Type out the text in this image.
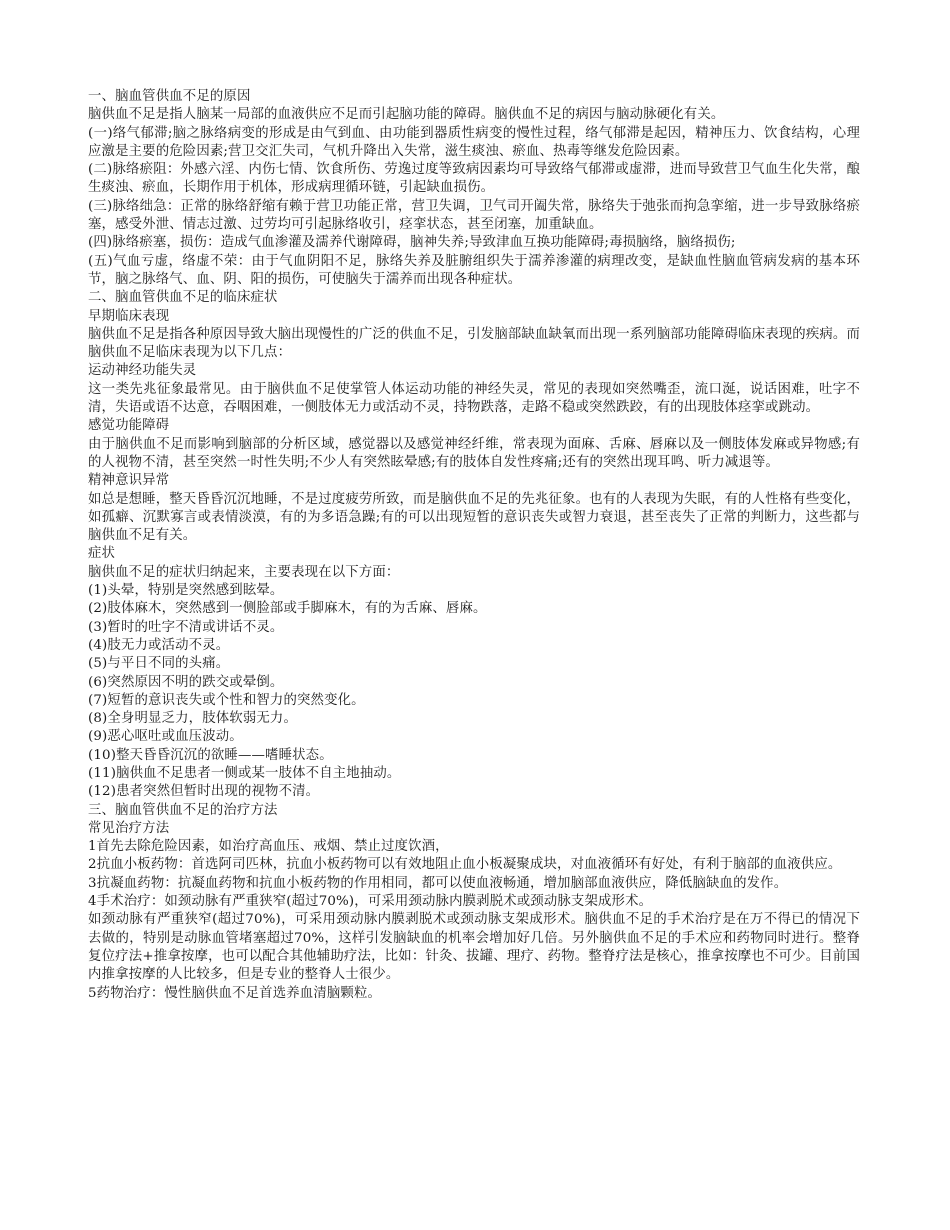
一、脑血管供血不足的原因

脑供血不足是指人脑某一局部的血液供应不足而引起脑功能的障碍。脑供血不足的病因与脑动脉硬化有关。

(一)络气郁滞;脑之脉络病变的形成是由气到血、由功能到器质性病变的慢性过程，络气郁滞是起因，精神压力、饮食结构，心理应激是主要的危险因素;营卫交汇失司，气机升降出入失常，滋生痰浊、瘀血、热毒等继发危险因素。

(二)脉络瘀阻：外感六淫、内伤七情、饮食所伤、劳逸过度等致病因素均可导致络气郁滞或虚滞，进而导致营卫气血生化失常，酿生痰浊、瘀血，长期作用于机体，形成病理循环链，引起缺血损伤。

(三)脉络绌急：正常的脉络舒缩有赖于营卫功能正常，营卫失调，卫气司开阖失常，脉络失于弛张而拘急挛缩，进一步导致脉络瘀塞，感受外泄、情志过激、过劳均可引起脉络收引，痉挛状态，甚至闭塞，加重缺血。

(四)脉络瘀塞，损伤：造成气血渗灌及濡养代谢障碍，脑神失养;导致津血互换功能障碍;毒损脑络，脑络损伤;

(五)气血亏虚，络虚不荣：由于气血阴阳不足，脉络失养及脏腑组织失于濡养渗灌的病理改变，是缺血性脑血管病发病的基本环节，脑之脉络气、血、阴、阳的损伤，可使脑失于濡养而出现各种症状。

二、脑血管供血不足的临床症状

早期临床表现

脑供血不足是指各种原因导致大脑出现慢性的广泛的供血不足，引发脑部缺血缺氧而出现一系列脑部功能障碍临床表现的疾病。而脑供血不足临床表现为以下几点：

运动神经功能失灵

这一类先兆征象最常见。由于脑供血不足使掌管人体运动功能的神经失灵，常见的表现如突然嘴歪，流口涎，说话困难，吐字不清，失语或语不达意，吞咽困难，一侧肢体无力或活动不灵，持物跌落，走路不稳或突然跌跤，有的出现肢体痉挛或跳动。

感觉功能障碍

由于脑供血不足而影响到脑部的分析区域，感觉器以及感觉神经纤维，常表现为面麻、舌麻、唇麻以及一侧肢体发麻或异物感;有的人视物不清，甚至突然一时性失明;不少人有突然眩晕感;有的肢体自发性疼痛;还有的突然出现耳鸣、听力减退等。

精神意识异常

如总是想睡，整天昏昏沉沉地睡，不是过度疲劳所致，而是脑供血不足的先兆征象。也有的人表现为失眠，有的人性格有些变化，如孤癖、沉默寡言或表情淡漠，有的为多语急躁;有的可以出现短暂的意识丧失或智力衰退，甚至丧失了正常的判断力，这些都与脑供血不足有关。

症状

脑供血不足的症状归纳起来，主要表现在以下方面：

(1)头晕，特别是突然感到眩晕。

(2)肢体麻木，突然感到一侧脸部或手脚麻木，有的为舌麻、唇麻。

(3)暂时的吐字不清或讲话不灵。

(4)肢无力或活动不灵。

(5)与平日不同的头痛。

(6)突然原因不明的跌交或晕倒。

(7)短暂的意识丧失或个性和智力的突然变化。

(8)全身明显乏力，肢体软弱无力。

(9)恶心呕吐或血压波动。

(10)整天昏昏沉沉的欲睡——嗜睡状态。

(11)脑供血不足患者一侧或某一肢体不自主地抽动。

(12)患者突然但暂时出现的视物不清。

三、脑血管供血不足的治疗方法

常见治疗方法

1首先去除危险因素，如治疗高血压、戒烟、禁止过度饮酒，

2抗血小板药物：首选阿司匹林，抗血小板药物可以有效地阻止血小板凝聚成块，对血液循环有好处，有利于脑部的血液供应。

3抗凝血药物：抗凝血药物和抗血小板药物的作用相同，都可以使血液畅通，增加脑部血液供应，降低脑缺血的发作。

4手术治疗：如颈动脉有严重狭窄(超过70%)，可采用颈动脉内膜剥脱术或颈动脉支架成形术。

如颈动脉有严重狭窄(超过70%)，可采用颈动脉内膜剥脱术或颈动脉支架成形术。脑供血不足的手术治疗是在万不得已的情况下去做的，特别是动脉血管堵塞超过70%，这样引发脑缺血的机率会增加好几倍。另外脑供血不足的手术应和药物同时进行。整脊复位疗法+推拿按摩，也可以配合其他辅助疗法，比如：针灸、拔罐、理疗、药物。整脊疗法是核心，推拿按摩也不可少。目前国内推拿按摩的人比较多，但是专业的整脊人士很少。

5药物治疗：慢性脑供血不足首选养血清脑颗粒。
